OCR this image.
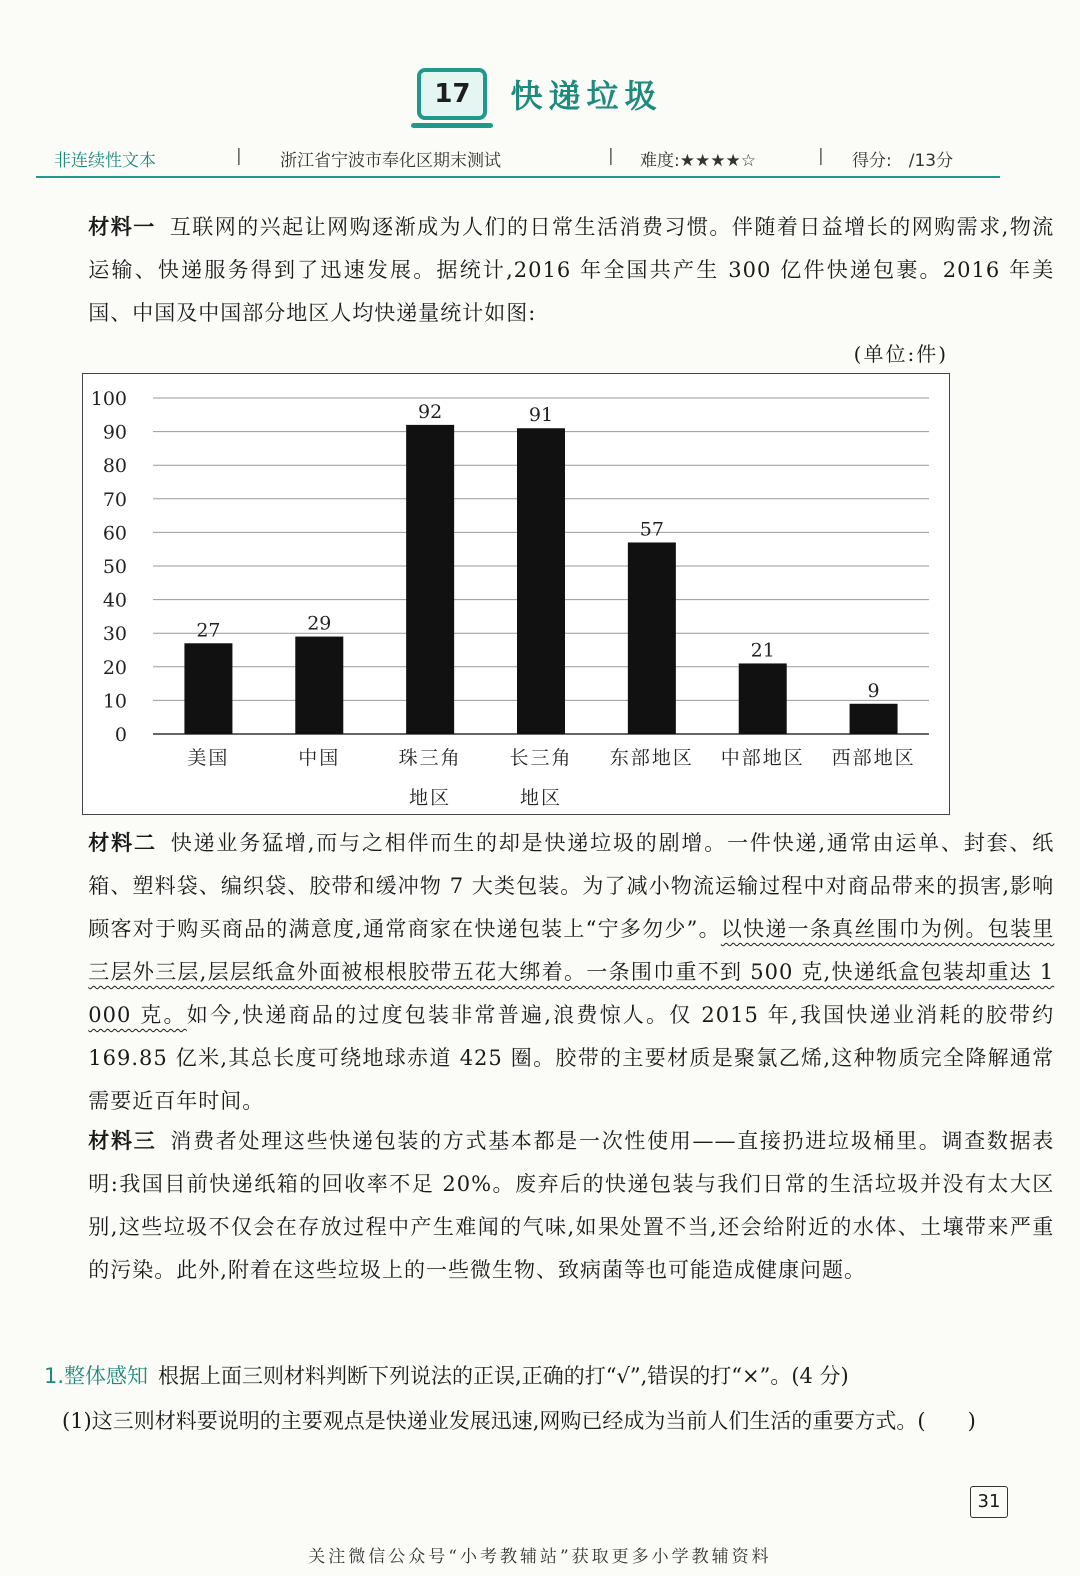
17 快递垃圾
非连续性文本	| 浙江省宁波市奉化区期末测试	| 难度:★★★★☆	| 得分:　/13分

材料一 互联网的兴起让网购逐渐成为人们的日常生活消费习惯。伴随着日益增长的网购需求,物流运输、快递服务得到了迅速发展。据统计,2016 年全国共产生 300 亿件快递包裹。2016 年美国、中国及中国部分地区人均快递量统计如图:

(单位:件)
0
10
20
30
40
50
60
70
80
90
100
27
美国
29
中国
92
珠三角
地区
91
长三角
地区
57
东部地区
21
中部地区
9
西部地区

材料二 快递业务猛增,而与之相伴而生的却是快递垃圾的剧增。一件快递,通常由运单、封套、纸箱、塑料袋、编织袋、胶带和缓冲物 7 大类包装。为了减小物流运输过程中对商品带来的损害,影响顾客对于购买商品的满意度,通常商家在快递包装上“宁多勿少”。以快递一条真丝围巾为例。包装里三层外三层,层层纸盒外面被根根胶带五花大绑着。一条围巾重不到 500 克,快递纸盒包装却重达 1 000 克。如今,快递商品的过度包装非常普遍,浪费惊人。仅 2015 年,我国快递业消耗的胶带约 169.85 亿米,其总长度可绕地球赤道 425 圈。胶带的主要材质是聚氯乙烯,这种物质完全降解通常需要近百年时间。

材料三 消费者处理这些快递包装的方式基本都是一次性使用——直接扔进垃圾桶里。调查数据表明:我国目前快递纸箱的回收率不足 20%。废弃后的快递包装与我们日常的生活垃圾并没有太大区别,这些垃圾不仅会在存放过程中产生难闻的气味,如果处置不当,还会给附近的水体、土壤带来严重的污染。此外,附着在这些垃圾上的一些微生物、致病菌等也可能造成健康问题。

1.整体感知 根据上面三则材料判断下列说法的正误,正确的打“√”,错误的打“×”。(4 分)
(1)这三则材料要说明的主要观点是快递业发展迅速,网购已经成为当前人们生活的重要方式。(　　)
31
关注微信公众号“小考教辅站”获取更多小学教辅资料
